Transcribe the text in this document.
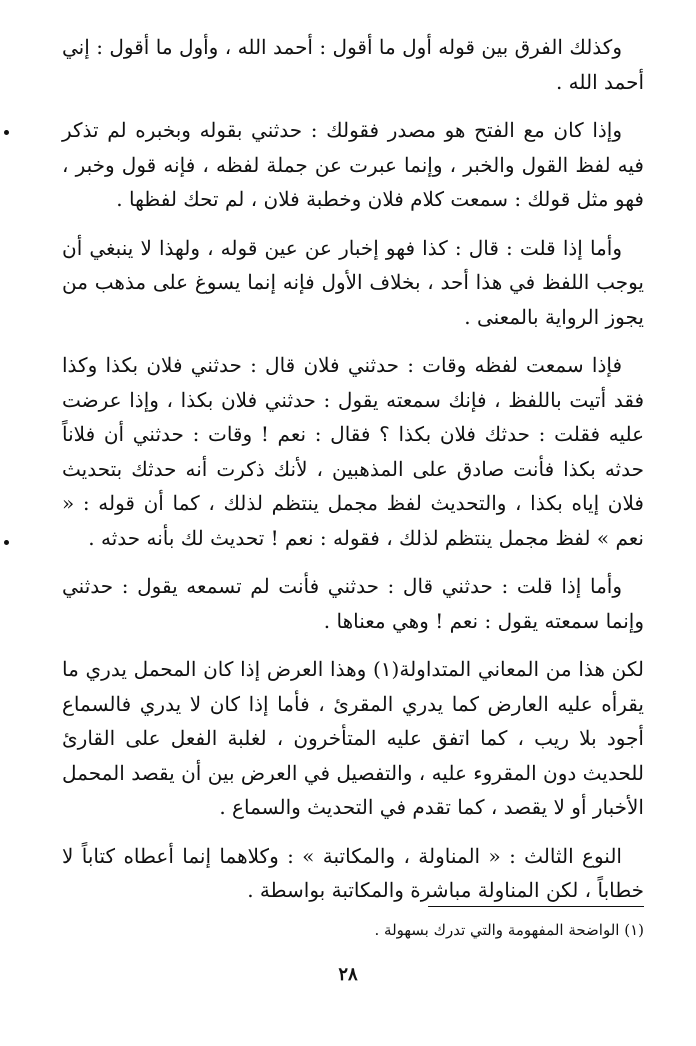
وكذلك الفرق بين قوله أول ما أقول : أحمد الله ، وأول ما أقول : إني أحمد الله .

وإذا كان مع الفتح هو مصدر فقولك : حدثني بقوله وبخبره لم تذكر فيه لفظ القول والخبر ، وإنما عبرت عن جملة لفظه ، فإنه قول وخبر ، فهو مثل قولك : سمعت كلام فلان وخطبة فلان ، لم تحك لفظها .

وأما إذا قلت : قال : كذا فهو إخبار عن عين قوله ، ولهذا لا ينبغي أن يوجب اللفظ في هذا أحد ، بخلاف الأول فإنه إنما يسوغ على مذهب من يجوز الرواية بالمعنى .

فإذا سمعت لفظه وقات : حدثني فلان قال : حدثني فلان بكذا وكذا فقد أتيت باللفظ ، فإنك سمعته يقول : حدثني فلان بكذا ، وإذا عرضت عليه فقلت : حدثك فلان بكذا ؟ فقال : نعم ! وقات : حدثني أن فلاناً حدثه بكذا فأنت صادق على المذهبين ، لأنك ذكرت أنه حدثك بتحديث فلان إياه بكذا ، والتحديث لفظ مجمل ينتظم لذلك ، كما أن قوله : « نعم » لفظ مجمل ينتظم لذلك ، فقوله : نعم ! تحديث لك بأنه حدثه .

وأما إذا قلت : حدثني قال : حدثني فأنت لم تسمعه يقول : حدثني وإنما سمعته يقول : نعم ! وهي معناها .

لكن هذا من المعاني المتداولة(١) وهذا العرض إذا كان المحمل يدري ما يقرأه عليه العارض كما يدري المقرئ ، فأما إذا كان لا يدري فالسماع أجود بلا ريب ، كما اتفق عليه المتأخرون ، لغلبة الفعل على القارئ للحديث دون المقروء عليه ، والتفصيل في العرض بين أن يقصد المحمل الأخبار أو لا يقصد ، كما تقدم في التحديث والسماع .

النوع الثالث : « المناولة ، والمكاتبة » : وكلاهما إنما أعطاه كتاباً لا خطاباً ، لكن المناولة مباشرة والمكاتبة بواسطة .

(١) الواضحة المفهومة والتي تدرك بسهولة .
٢٨
